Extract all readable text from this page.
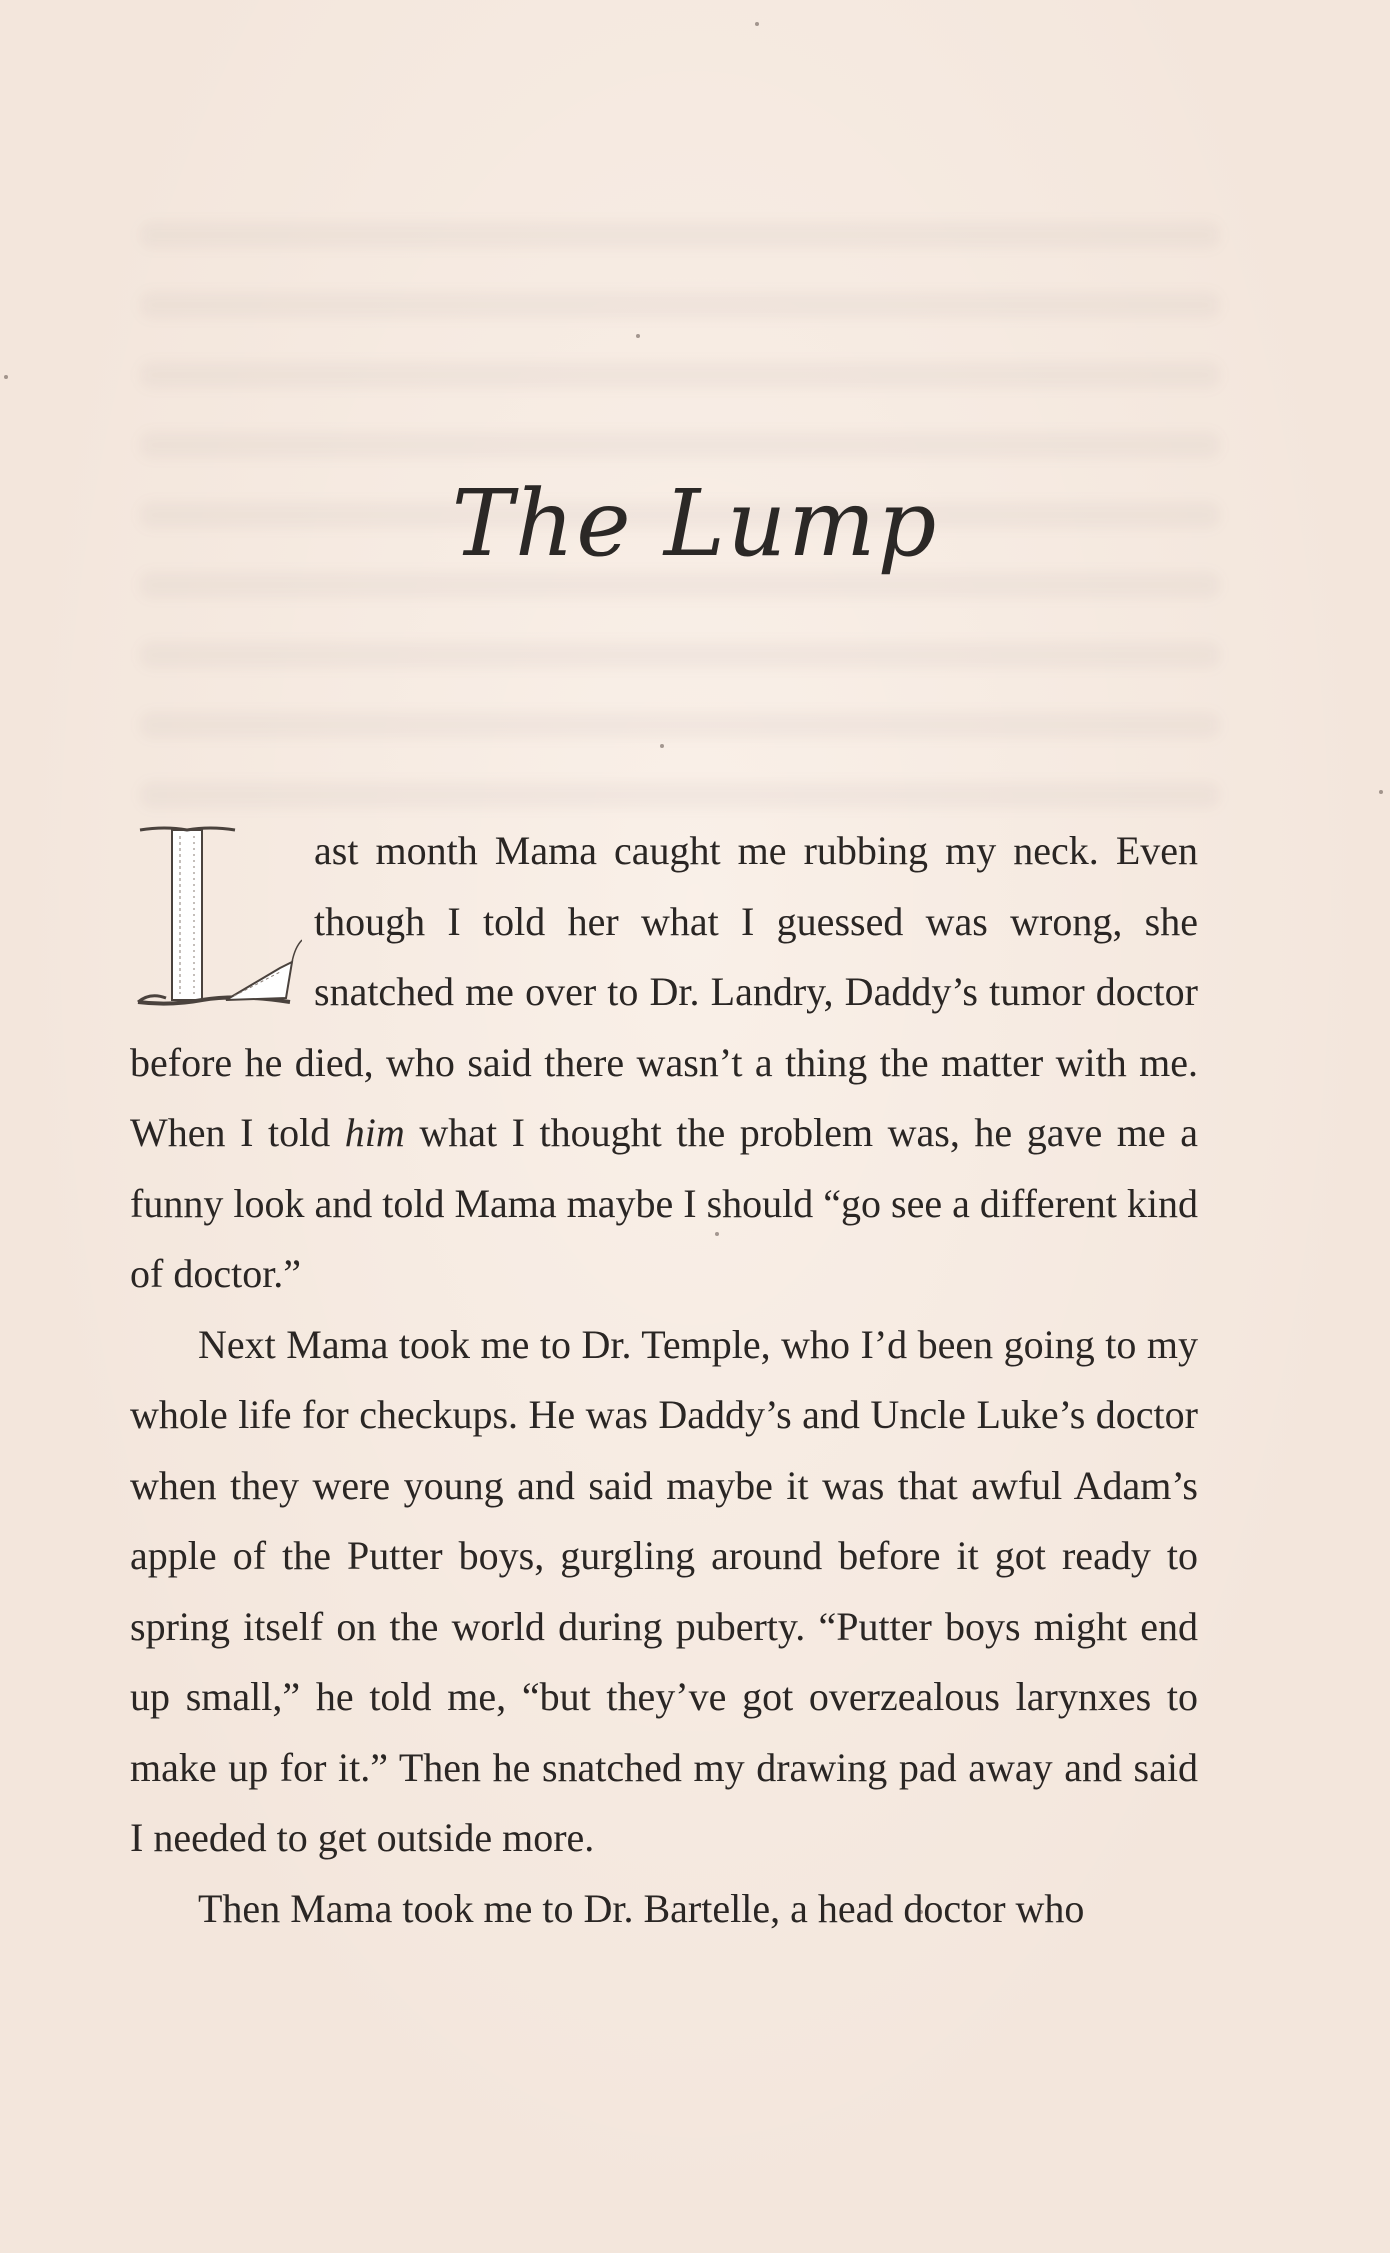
The Lump

ast month Mama caught me rubbing my neck. Even though I told her what I guessed was wrong, she snatched me over to Dr. Landry, Daddy’s tumor doctor before he died, who said there wasn’t a thing the matter with me. When I told him what I thought the problem was, he gave me a funny look and told Mama maybe I should “go see a different kind of doctor.”

Next Mama took me to Dr. Temple, who I’d been going to my whole life for checkups. He was Daddy’s and Uncle Luke’s doctor when they were young and said maybe it was that awful Adam’s apple of the Putter boys, gurgling around before it got ready to spring itself on the world during puberty. “Putter boys might end up small,” he told me, “but they’ve got overzealous larynxes to make up for it.” Then he snatched my drawing pad away and said I needed to get outside more.

Then Mama took me to Dr. Bartelle, a head doctor who
